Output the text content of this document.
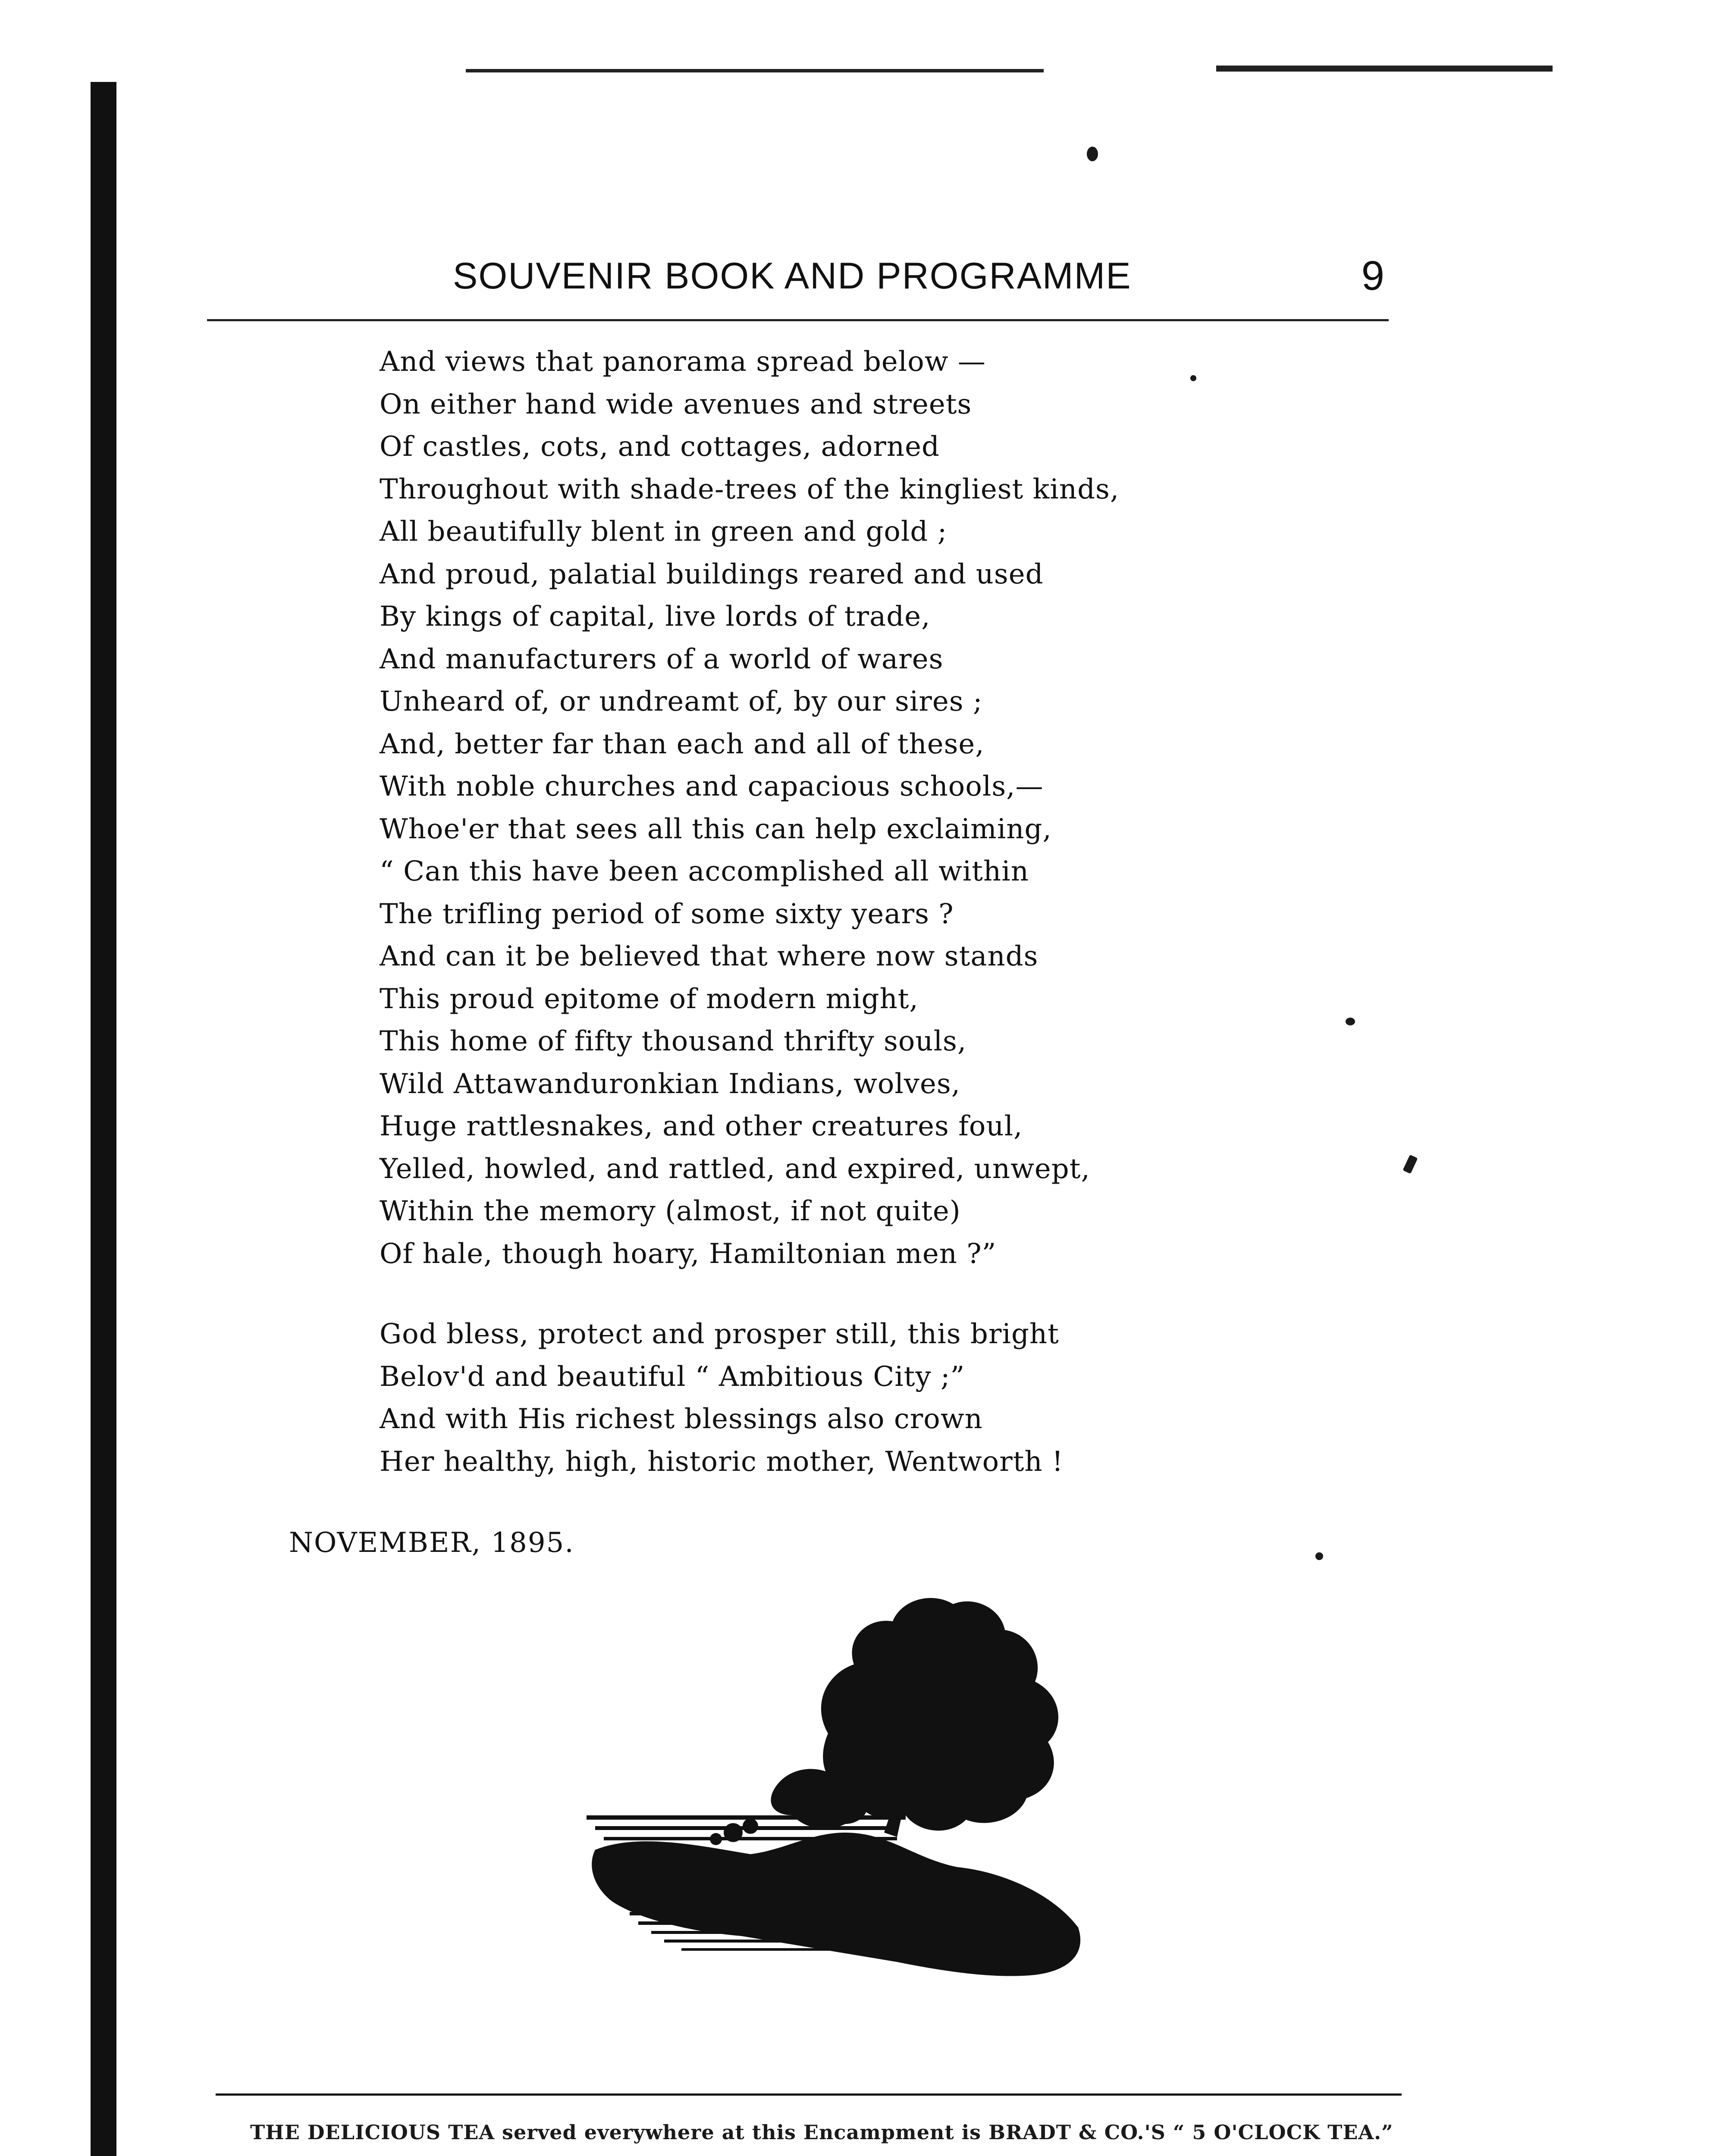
SOUVENIR BOOK AND PROGRAMME	9
And views that panorama spread below —
On either hand wide avenues and streets
Of castles, cots, and cottages, adorned
Throughout with shade-trees of the kingliest kinds,
All beautifully blent in green and gold ;
And proud, palatial buildings reared and used
By kings of capital, live lords of trade,
And manufacturers of a world of wares
Unheard of, or undreamt of, by our sires ;
And, better far than each and all of these,
With noble churches and capacious schools,—
Whoe'er that sees all this can help exclaiming,
“ Can this have been accomplished all within
The trifling period of some sixty years ?
And can it be believed that where now stands
This proud epitome of modern might,
This home of fifty thousand thrifty souls,
Wild Attawanduronkian Indians, wolves,
Huge rattlesnakes, and other creatures foul,
Yelled, howled, and rattled, and expired, unwept,
Within the memory (almost, if not quite)
Of hale, though hoary, Hamiltonian men ?”
God bless, protect and prosper still, this bright
Belov'd and beautiful “ Ambitious City ;”
And with His richest blessings also crown
Her healthy, high, historic mother, Wentworth !
NOVEMBER, 1895.
THE DELICIOUS TEA served everywhere at this Encampment is BRADT & CO.'S “ 5 O'CLOCK TEA.”
